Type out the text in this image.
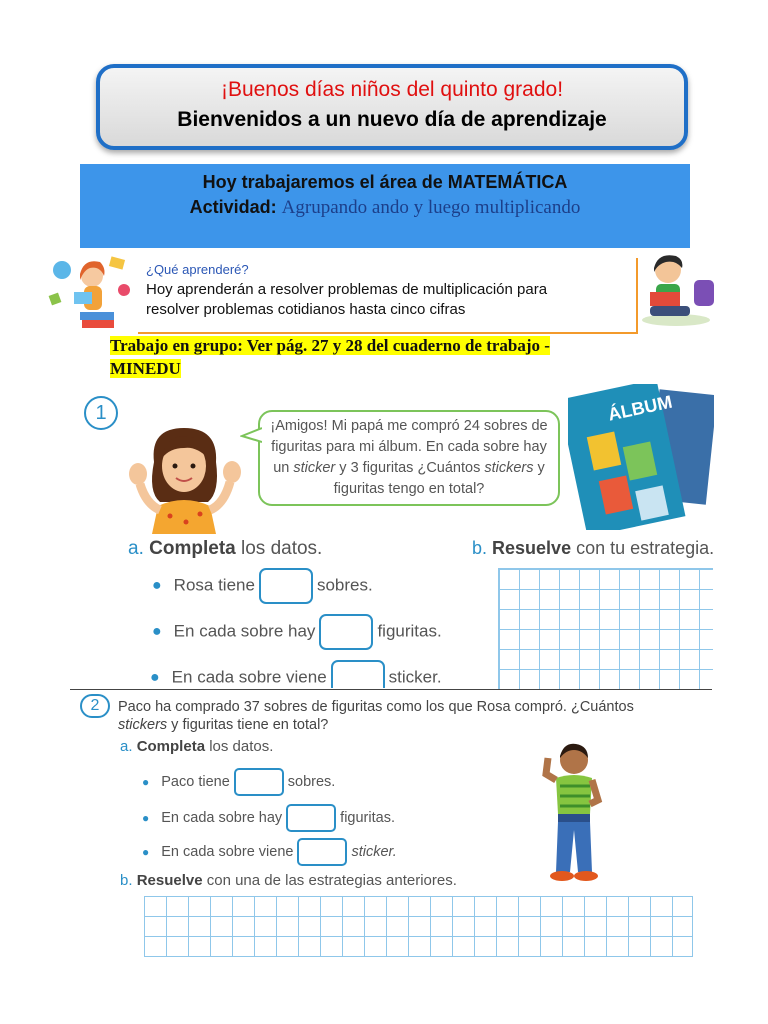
¡Buenos días niños del quinto grado!
Bienvenidos a un nuevo día de aprendizaje
Hoy trabajaremos el área de MATEMÁTICA
Actividad: Agrupando ando y luego multiplicando
¿Qué aprenderé?
Hoy aprenderán a resolver problemas de multiplicación para
resolver problemas cotidianos hasta cinco cifras
Trabajo en grupo: Ver pág. 27 y 28 del cuaderno de trabajo -
MINEDU
1
¡Amigos! Mi papá me compró 24 sobres de
figuritas para mi álbum. En cada sobre hay
un sticker y 3 figuritas ¿Cuántos stickers y
figuritas tengo en total?
ÁLBUM
a. Completa los datos.	b. Resuelve con tu estrategia.
● Rosa tiene	sobres.
● En cada sobre hay	figuritas.
● En cada sobre viene	sticker.
2	Paco ha comprado 37 sobres de figuritas como los que Rosa compró. ¿Cuántos
stickers y figuritas tiene en total?
a. Completa los datos.
● Paco tiene	sobres.
● En cada sobre hay	figuritas.
● En cada sobre viene	sticker.
b. Resuelve con una de las estrategias anteriores.
